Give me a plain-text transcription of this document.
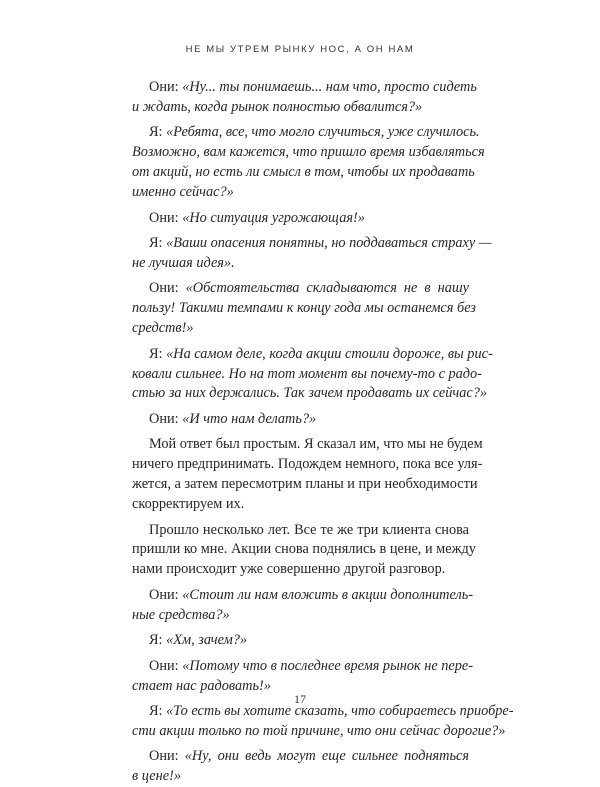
НЕ МЫ УТРЕМ РЫНКУ НОС, А ОН НАМ
Они: «Ну... ты понимаешь... нам что, просто сидеть
и ждать, когда рынок полностью обвалится?»
Я: «Ребята, все, что могло случиться, уже случилось.
Возможно, вам кажется, что пришло время избавляться
от акций, но есть ли смысл в том, чтобы их продавать
именно сейчас?»
Они: «Но ситуация угрожающая!»
Я: «Ваши опасения понятны, но поддаваться страху —
не лучшая идея».
Они: «Обстоятельства складываются не в нашу
пользу! Такими темпами к концу года мы останемся без
средств!»
Я: «На самом деле, когда акции стоили дороже, вы рис-
ковали сильнее. Но на тот момент вы почему-то с радо-
стью за них держались. Так зачем продавать их сейчас?»
Они: «И что нам делать?»
Мой ответ был простым. Я сказал им, что мы не будем
ничего предпринимать. Подождем немного, пока все уля-
жется, а затем пересмотрим планы и при необходимости
скорректируем их.
Прошло несколько лет. Все те же три клиента снова
пришли ко мне. Акции снова поднялись в цене, и между
нами происходит уже совершенно другой разговор.
Они: «Стоит ли нам вложить в акции дополнитель-
ные средства?»
Я: «Хм, зачем?»
Они: «Потому что в последнее время рынок не пере-
стает нас радовать!»
Я: «То есть вы хотите сказать, что собираетесь приобре-
сти акции только по той причине, что они сейчас дорогие?»
Они: «Ну, они ведь могут еще сильнее подняться
в цене!»
17
